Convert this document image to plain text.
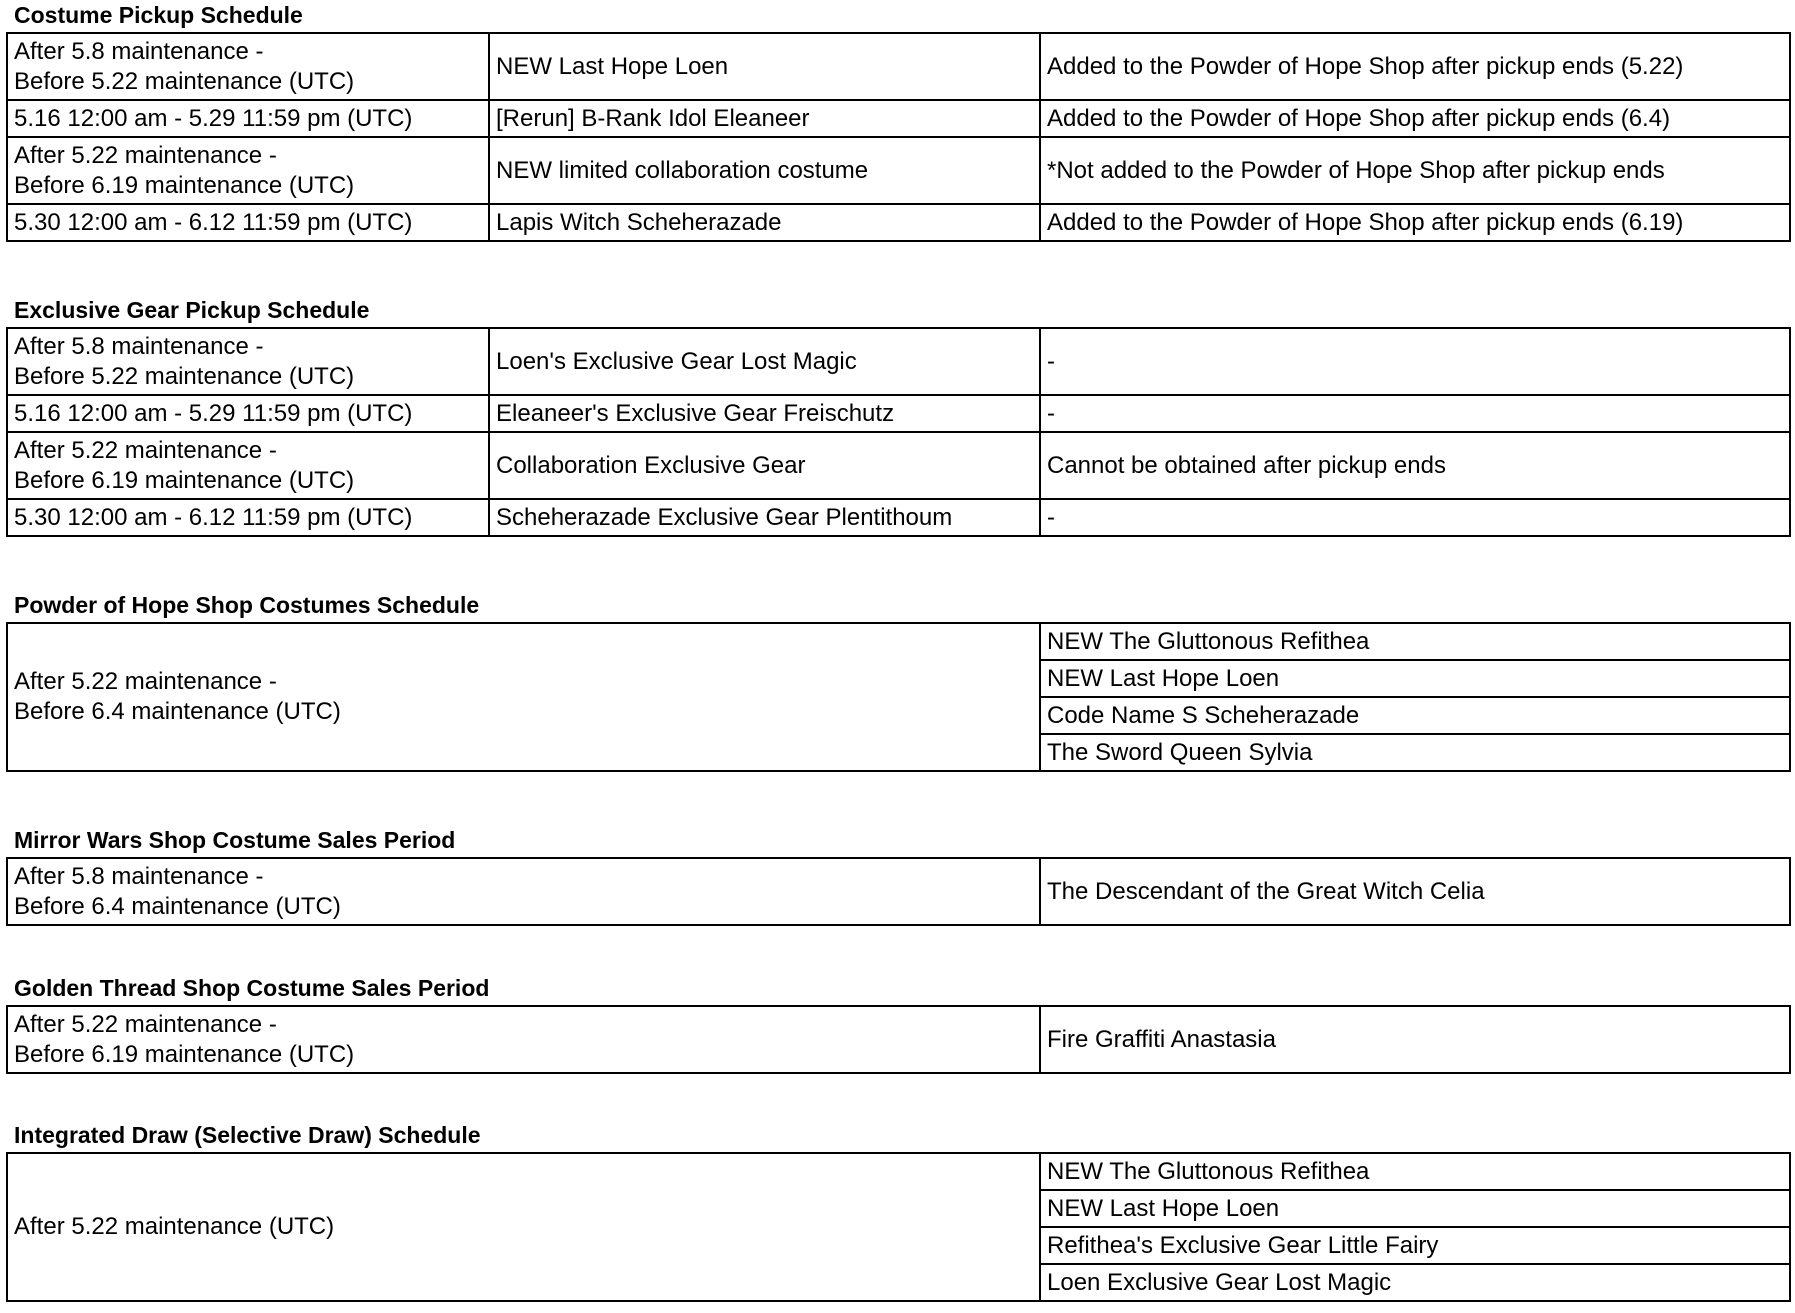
Costume Pickup Schedule
After 5.8 maintenance -
Before 5.22 maintenance (UTC)	NEW Last Hope Loen	Added to the Powder of Hope Shop after pickup ends (5.22)
5.16 12:00 am - 5.29 11:59 pm (UTC)	[Rerun] B-Rank Idol Eleaneer	Added to the Powder of Hope Shop after pickup ends (6.4)

After 5.22 maintenance -
Before 6.19 maintenance (UTC)	NEW limited collaboration costume	*Not added to the Powder of Hope Shop after pickup ends
5.30 12:00 am - 6.12 11:59 pm (UTC)	Lapis Witch Scheherazade	Added to the Powder of Hope Shop after pickup ends (6.19)
Exclusive Gear Pickup Schedule
After 5.8 maintenance -
Before 5.22 maintenance (UTC)	Loen's Exclusive Gear Lost Magic	-
5.16 12:00 am - 5.29 11:59 pm (UTC)	Eleaneer's Exclusive Gear Freischutz	-

After 5.22 maintenance -
Before 6.19 maintenance (UTC)	Collaboration Exclusive Gear	Cannot be obtained after pickup ends
5.30 12:00 am - 6.12 11:59 pm (UTC)	Scheherazade Exclusive Gear Plentithoum	-
Powder of Hope Shop Costumes Schedule
After 5.22 maintenance -
Before 6.4 maintenance (UTC)
	NEW The Gluttonous Refithea
NEW Last Hope Loen
Code Name S Scheherazade
The Sword Queen Sylvia
Mirror Wars Shop Costume Sales Period
After 5.8 maintenance -
Before 6.4 maintenance (UTC)
	The Descendant of the Great Witch Celia
Golden Thread Shop Costume Sales Period
After 5.22 maintenance -
Before 6.19 maintenance (UTC)
	Fire Graffiti Anastasia
Integrated Draw (Selective Draw) Schedule
After 5.22 maintenance (UTC)	NEW The Gluttonous Refithea
NEW Last Hope Loen
Refithea's Exclusive Gear Little Fairy
Loen Exclusive Gear Lost Magic
